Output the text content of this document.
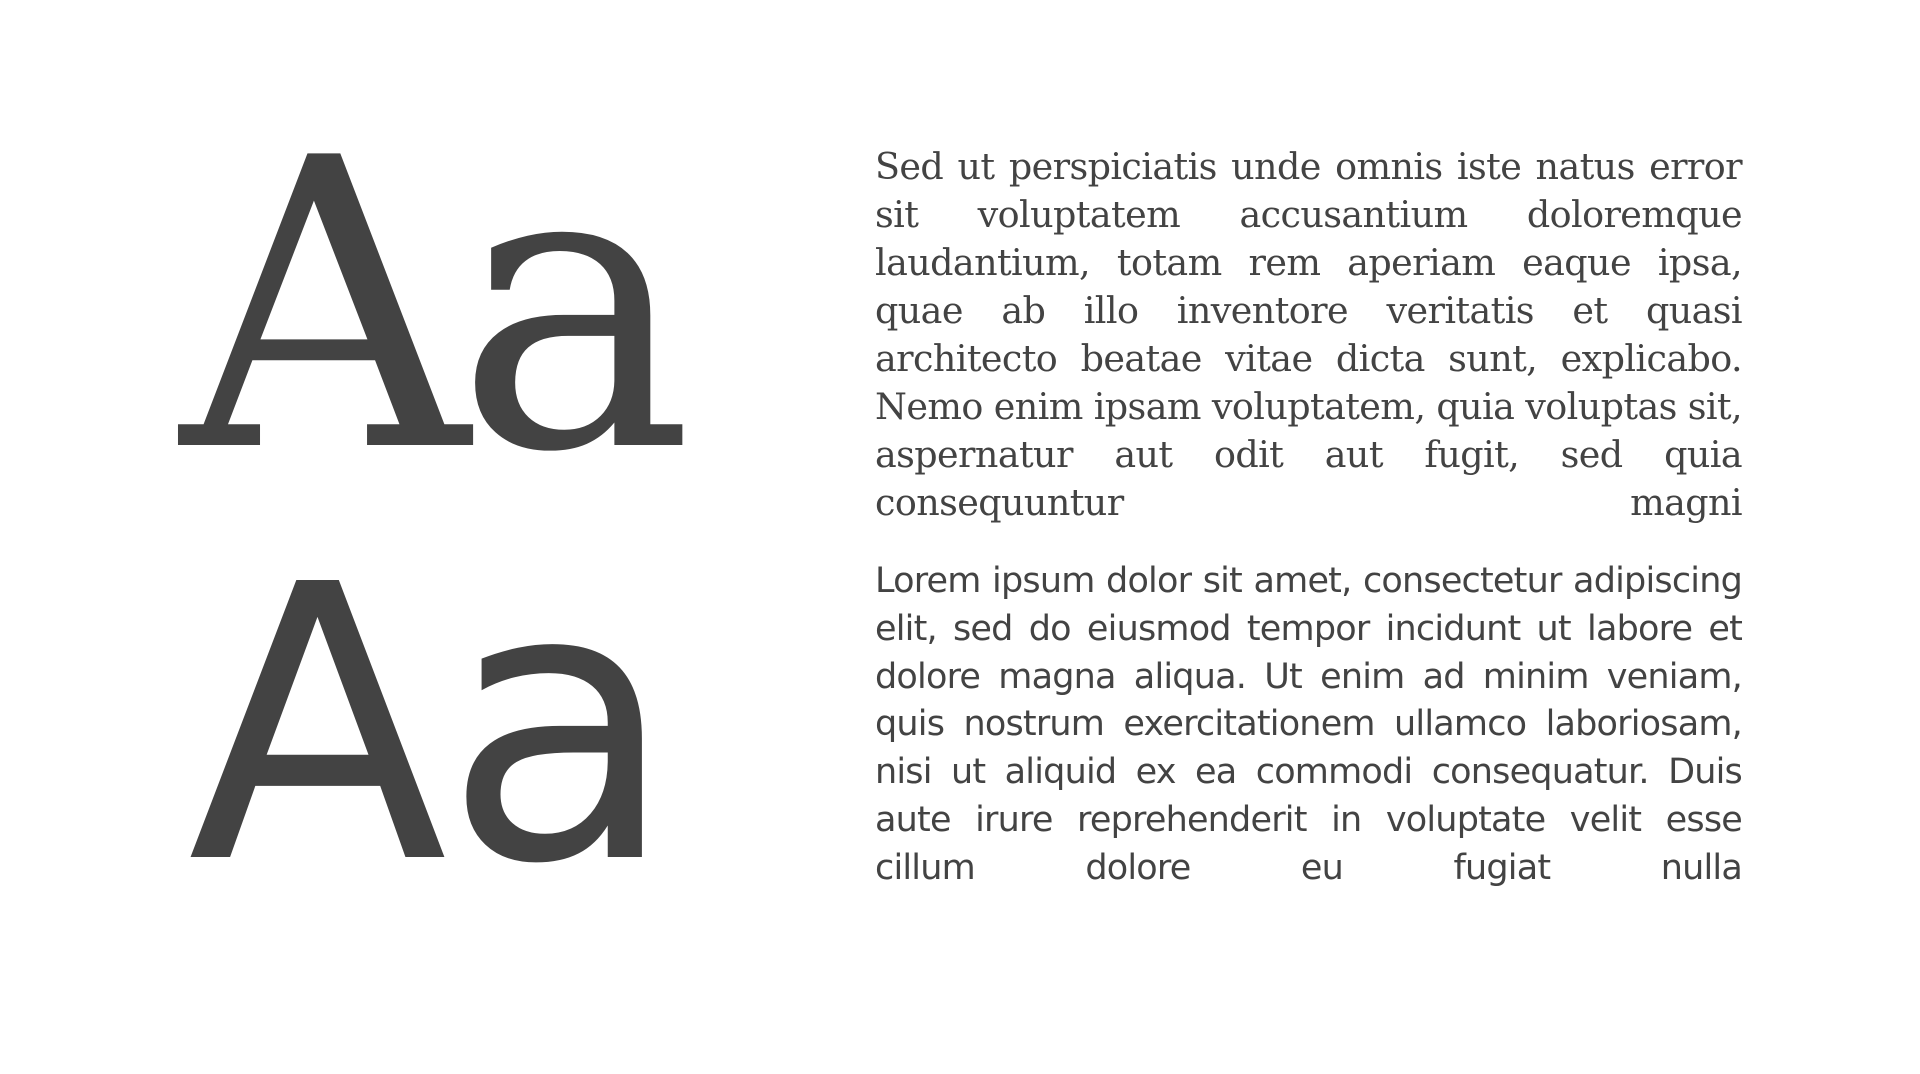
Aa	Sed ut perspiciatis unde omnis iste natus error sit voluptatem accusantium doloremque laudantium, totam rem aperiam eaque ipsa, quae ab illo inventore veritatis et quasi architecto beatae vitae dicta sunt, explicabo. Nemo enim ipsam voluptatem, quia voluptas sit, aspernatur aut odit aut fugit, sed quia consequuntur magni

Aa	Lorem ipsum dolor sit amet, consectetur adipiscing elit, sed do eiusmod tempor incidunt ut labore et dolore magna aliqua. Ut enim ad minim veniam, quis nostrum exercitationem ullamco laboriosam, nisi ut aliquid ex ea commodi consequatur. Duis aute irure reprehenderit in voluptate velit esse cillum dolore eu fugiat nulla
